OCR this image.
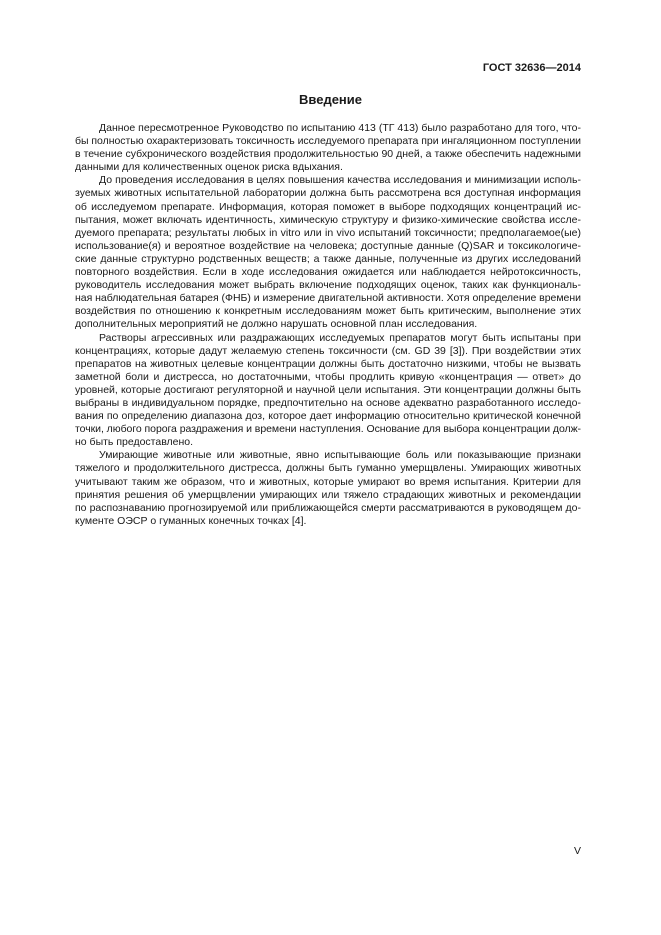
ГОСТ 32636—2014
Введение
Данное пересмотренное Руководство по испытанию 413 (ТГ 413) было разработано для того, что-
бы полностью охарактеризовать токсичность исследуемого препарата при ингаляционном поступлении
в течение субхронического воздействия продолжительностью 90 дней, а также обеспечить надежными
данными для количественных оценок риска вдыхания.
До проведения исследования в целях повышения качества исследования и минимизации исполь-
зуемых животных испытательной лаборатории должна быть рассмотрена вся доступная информация
об исследуемом препарате. Информация, которая поможет в выборе подходящих концентраций ис-
пытания, может включать идентичность, химическую структуру и физико-химические свойства иссле-
дуемого препарата; результаты любых in vitro или in vivo испытаний токсичности; предполагаемое(ые)
использование(я) и вероятное воздействие на человека; доступные данные (Q)SAR и токсикологиче-
ские данные структурно родственных веществ; а также данные, полученные из других исследований
повторного воздействия. Если в ходе исследования ожидается или наблюдается нейротоксичность,
руководитель исследования может выбрать включение подходящих оценок, таких как функциональ-
ная наблюдательная батарея (ФНБ) и измерение двигательной активности. Хотя определение времени
воздействия по отношению к конкретным исследованиям может быть критическим, выполнение этих
дополнительных мероприятий не должно нарушать основной план исследования.
Растворы агрессивных или раздражающих исследуемых препаратов могут быть испытаны при
концентрациях, которые дадут желаемую степень токсичности (см. GD 39 [3]). При воздействии этих
препаратов на животных целевые концентрации должны быть достаточно низкими, чтобы не вызвать
заметной боли и дистресса, но достаточными, чтобы продлить кривую «концентрация — ответ» до
уровней, которые достигают регуляторной и научной цели испытания. Эти концентрации должны быть
выбраны в индивидуальном порядке, предпочтительно на основе адекватно разработанного исследо-
вания по определению диапазона доз, которое дает информацию относительно критической конечной
точки, любого порога раздражения и времени наступления. Основание для выбора концентрации долж-
но быть предоставлено.
Умирающие животные или животные, явно испытывающие боль или показывающие признаки
тяжелого и продолжительного дистресса, должны быть гуманно умерщвлены. Умирающих животных
учитывают таким же образом, что и животных, которые умирают во время испытания. Критерии для
принятия решения об умерщвлении умирающих или тяжело страдающих животных и рекомендации
по распознаванию прогнозируемой или приближающейся смерти рассматриваются в руководящем до-
кументе ОЭСР о гуманных конечных точках [4].
V
